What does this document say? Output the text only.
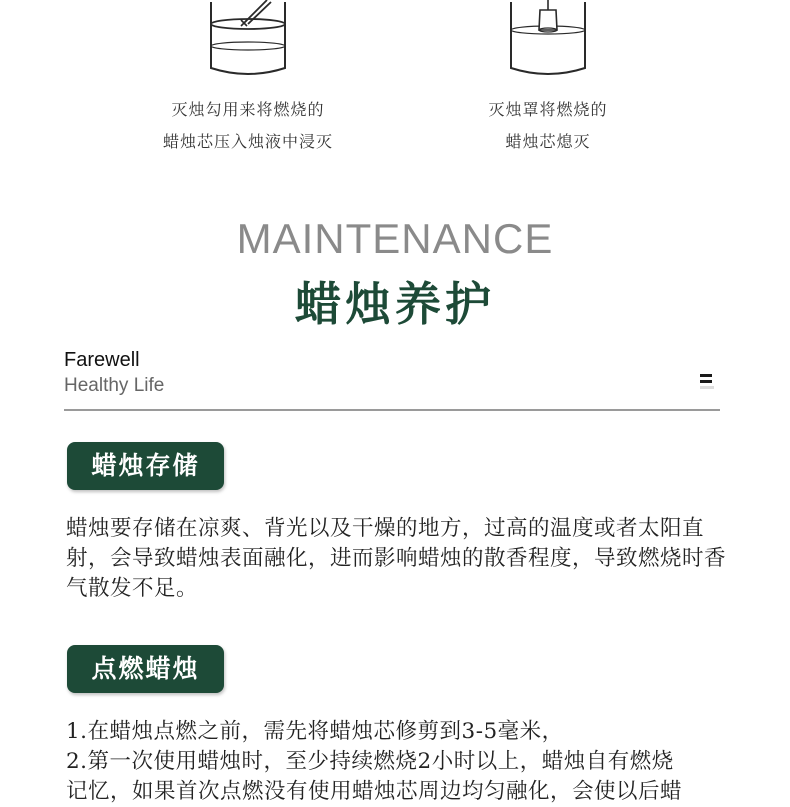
灭烛勾用来将燃烧的
蜡烛芯压入烛液中浸灭
灭烛罩将燃烧的
蜡烛芯熄灭
MAINTENANCE
蜡烛养护
Farewell
Healthy Life
蜡烛存储
蜡烛要存储在凉爽、背光以及干燥的地方，过高的温度或者太阳直射，会导致蜡烛表面融化，进而影响蜡烛的散香程度，导致燃烧时香气散发不足。
点燃蜡烛
1.在蜡烛点燃之前，需先将蜡烛芯修剪到3-5毫米，
2.第一次使用蜡烛时，至少持续燃烧2小时以上，蜡烛自有燃烧
记忆，如果首次点燃没有使用蜡烛芯周边均匀融化，会使以后蜡
